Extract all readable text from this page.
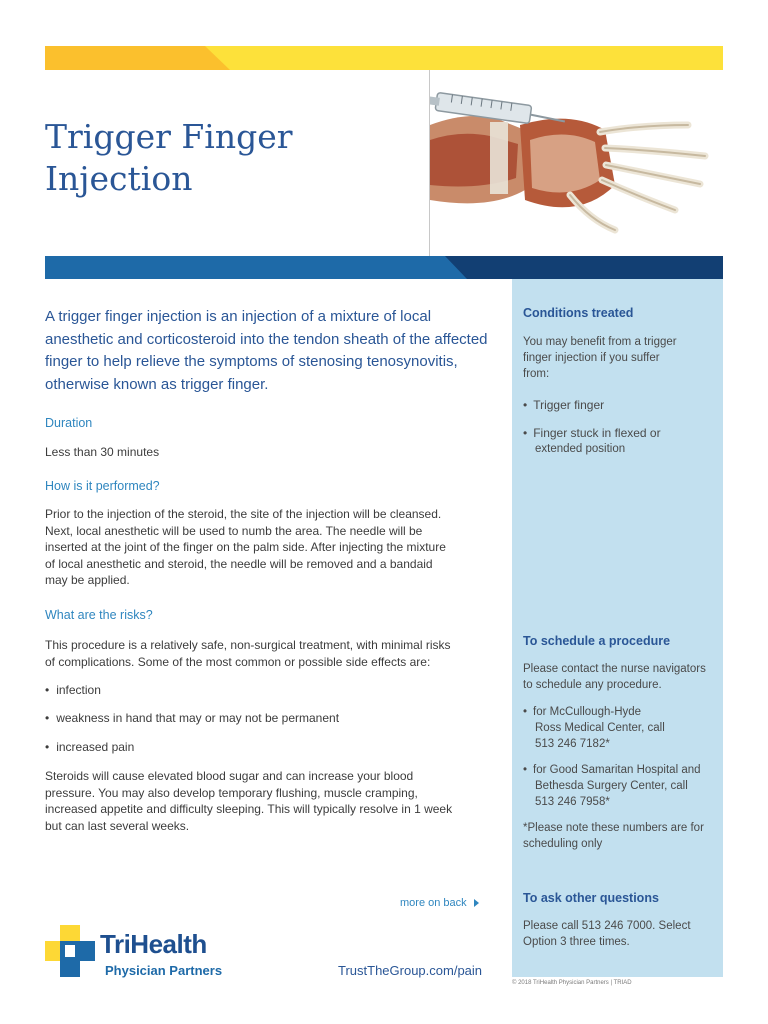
Trigger Finger
Injection

A trigger finger injection is an injection of a mixture of local anesthetic and corticosteroid into the tendon sheath of the affected finger to help relieve the symptoms of stenosing tenosynovitis, otherwise known as trigger finger.

Duration

Less than 30 minutes

How is it performed?

Prior to the injection of the steroid, the site of the injection will be cleansed.

Next, local anesthetic will be used to numb the area. The needle will be

inserted at the joint of the finger on the palm side. After injecting the mixture

of local anesthetic and steroid, the needle will be removed and a bandaid

may be applied.

What are the risks?

This procedure is a relatively safe, non-surgical treatment, with minimal risks

of complications. Some of the most common or possible side effects are:

• infection

• weakness in hand that may or may not be permanent

• increased pain

Steroids will cause elevated blood sugar and can increase your blood

pressure. You may also develop temporary flushing, muscle cramping,

increased appetite and difficulty sleeping. This will typically resolve in 1 week

but can last several weeks.

more on back

Conditions treated

You may benefit from a trigger

finger injection if you suffer

from:

• Trigger finger

• Finger stuck in flexed or

extended position

To schedule a procedure

Please contact the nurse navigators

to schedule any procedure.

• for McCullough-Hyde

Ross Medical Center, call

513 246 7182*

• for Good Samaritan Hospital and

Bethesda Surgery Center, call

513 246 7958*

*Please note these numbers are for

scheduling only

To ask other questions

Please call 513 246 7000. Select

Option 3 three times.

TriHealth
Physician Partners	TrustTheGroup.com/pain
© 2018 TriHealth Physician Partners | TRIAD
